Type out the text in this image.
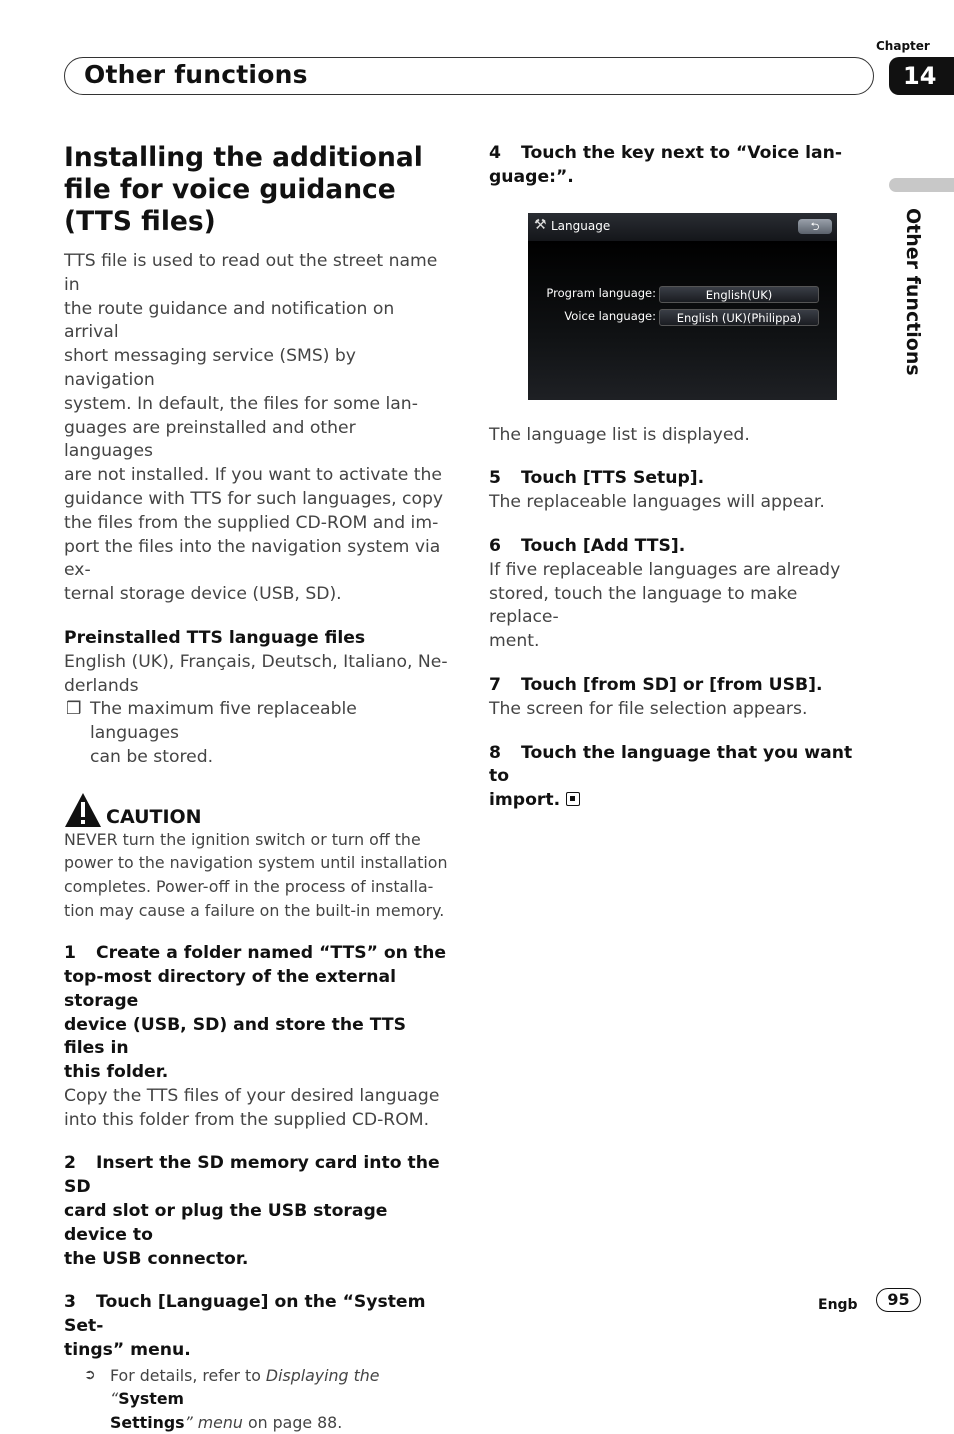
Other functions
Chapter
14
Other functions
Installing the additional file for voice guidance (TTS files)

TTS file is used to read out the street name in
the route guidance and notification on arrival
short messaging service (SMS) by navigation
system. In default, the files for some lan-
guages are preinstalled and other languages
are not installed. If you want to activate the
guidance with TTS for such languages, copy
the files from the supplied CD-ROM and im-
port the files into the navigation system via ex-
ternal storage device (USB, SD).

Preinstalled TTS language files

English (UK), Français, Deutsch, Italiano, Ne-
derlands

❒ The maximum five replaceable languages
can be stored.
CAUTION

NEVER turn the ignition switch or turn off the
power to the navigation system until installation
completes. Power-off in the process of installa-
tion may cause a failure on the built-in memory.

1 Create a folder named “TTS” on the
top-most directory of the external storage
device (USB, SD) and store the TTS files in
this folder.

Copy the TTS files of your desired language
into this folder from the supplied CD-ROM.

2 Insert the SD memory card into the SD
card slot or plug the USB storage device to
the USB connector.
3 Touch [Language] on the “System Set-
tings” menu.
➲ For details, refer to Displaying the “System
Settings” menu on page 88.
4 Touch the key next to “Voice lan-
guage:”.
⚒ Language	⮌
Program language:	English(UK)
Voice language:	English (UK)(Philippa)

The language list is displayed.

5 Touch [TTS Setup].

The replaceable languages will appear.

6 Touch [Add TTS].

If five replaceable languages are already
stored, touch the language to make replace-
ment.

7 Touch [from SD] or [from USB].

The screen for file selection appears.

8 Touch the language that you want to
import.
Engb	95
